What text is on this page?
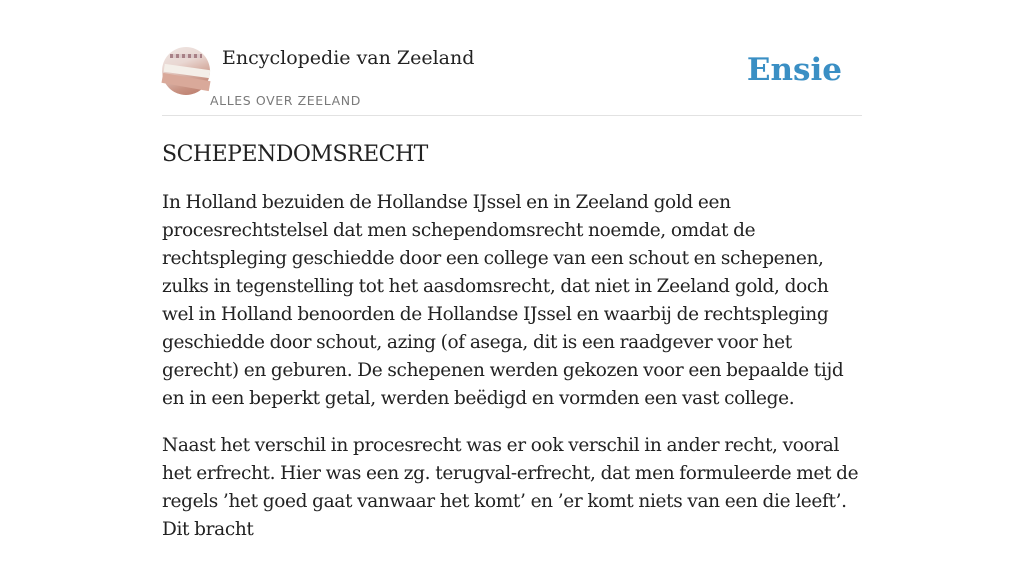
Encyclopedie van Zeeland
ALLES OVER ZEELAND
Ensie
SCHEPENDOMSRECHT

In Holland bezuiden de Hollandse IJssel en in Zeeland gold een procesrechtstelsel dat men schependomsrecht noemde, omdat de rechtspleging geschiedde door een college van een schout en schepenen, zulks in tegenstelling tot het aasdomsrecht, dat niet in Zeeland gold, doch wel in Holland benoorden de Hollandse IJssel en waarbij de rechtspleging geschiedde door schout, azing (of asega, dit is een raadgever voor het gerecht) en geburen. De schepenen werden gekozen voor een bepaalde tijd en in een beperkt getal, werden beëdigd en vormden een vast college.

Naast het verschil in procesrecht was er ook verschil in ander recht, vooral het erfrecht. Hier was een zg. terugval-erfrecht, dat men formuleerde met de regels ’het goed gaat vanwaar het komt’ en ’er komt niets van een die leeft’. Dit bracht
